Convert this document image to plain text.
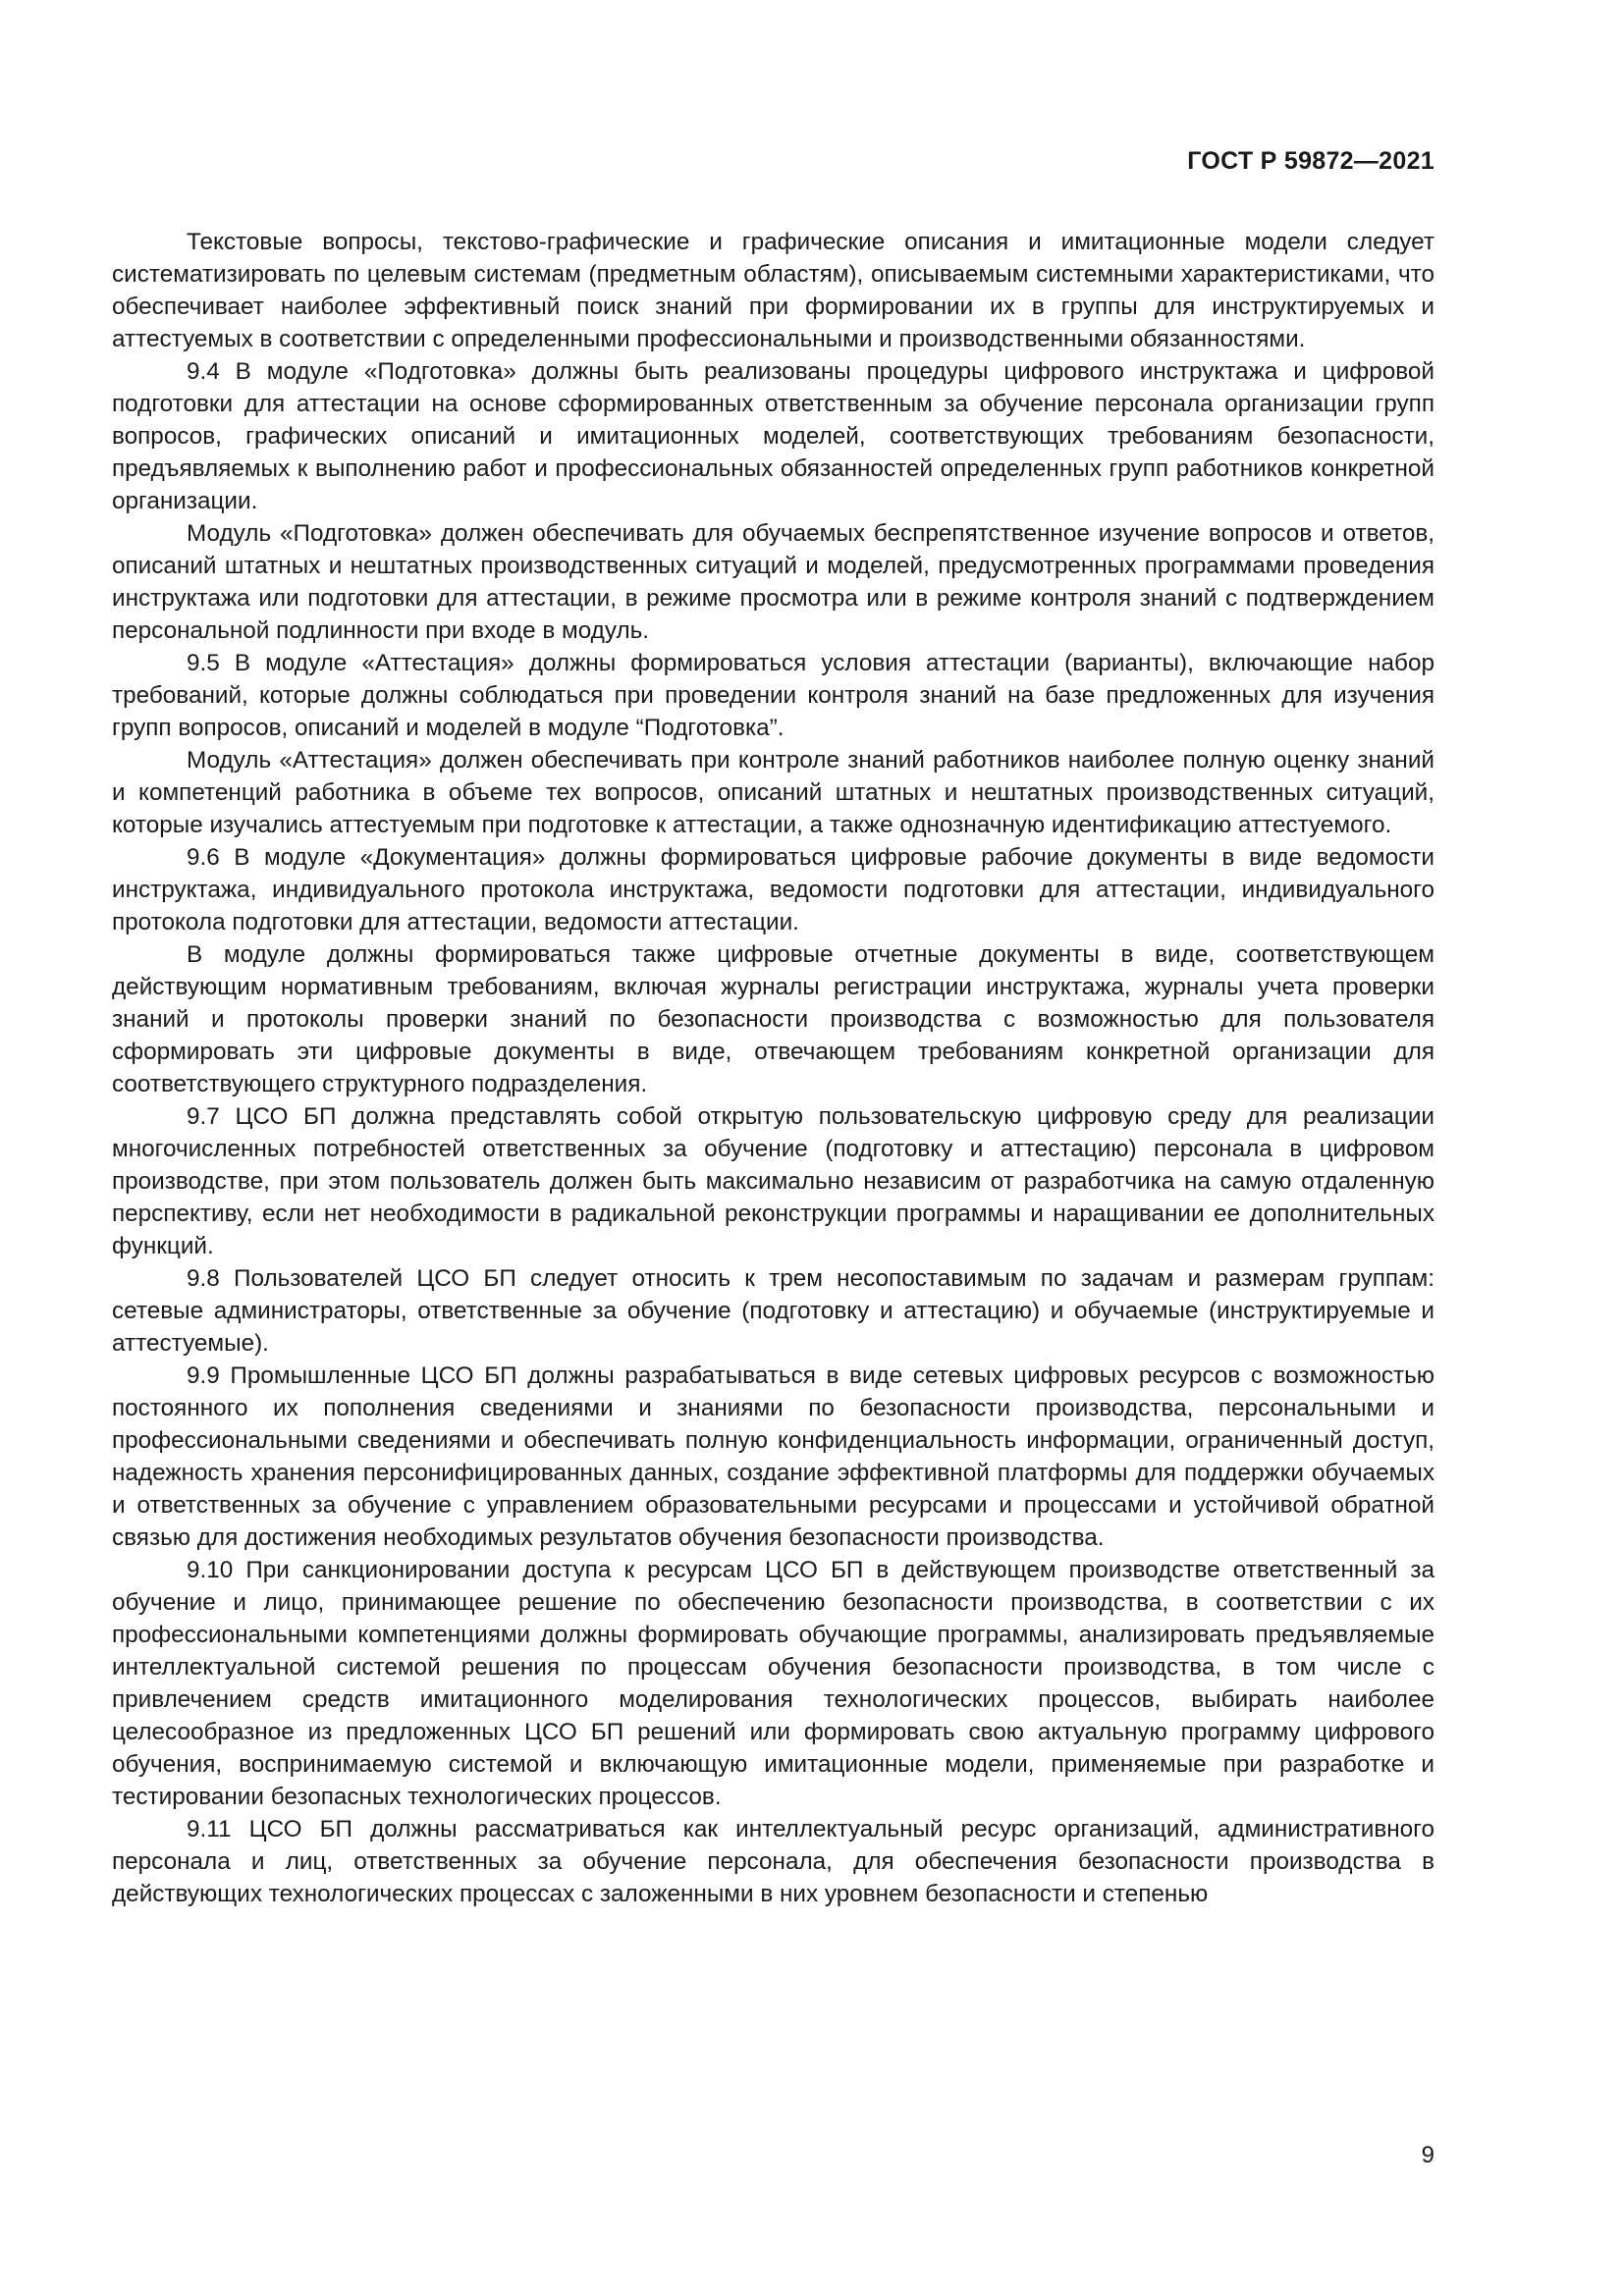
ГОСТ Р 59872—2021

Текстовые вопросы, текстово-графические и графические описания и имитационные модели следует систематизировать по целевым системам (предметным областям), описываемым системными характеристиками, что обеспечивает наиболее эффективный поиск знаний при формировании их в группы для инструктируемых и аттестуемых в соответствии с определенными профессиональными и производственными обязанностями.

9.4 В модуле «Подготовка» должны быть реализованы процедуры цифрового инструктажа и цифровой подготовки для аттестации на основе сформированных ответственным за обучение персонала организации групп вопросов, графических описаний и имитационных моделей, соответствующих требованиям безопасности, предъявляемых к выполнению работ и профессиональных обязанностей определенных групп работников конкретной организации.

Модуль «Подготовка» должен обеспечивать для обучаемых беспрепятственное изучение вопросов и ответов, описаний штатных и нештатных производственных ситуаций и моделей, предусмотренных программами проведения инструктажа или подготовки для аттестации, в режиме просмотра или в режиме контроля знаний с подтверждением персональной подлинности при входе в модуль.

9.5 В модуле «Аттестация» должны формироваться условия аттестации (варианты), включающие набор требований, которые должны соблюдаться при проведении контроля знаний на базе предложенных для изучения групп вопросов, описаний и моделей в модуле “Подготовка”.

Модуль «Аттестация» должен обеспечивать при контроле знаний работников наиболее полную оценку знаний и компетенций работника в объеме тех вопросов, описаний штатных и нештатных производственных ситуаций, которые изучались аттестуемым при подготовке к аттестации, а также однозначную идентификацию аттестуемого.

9.6 В модуле «Документация» должны формироваться цифровые рабочие документы в виде ведомости инструктажа, индивидуального протокола инструктажа, ведомости подготовки для аттестации, индивидуального протокола подготовки для аттестации, ведомости аттестации.

В модуле должны формироваться также цифровые отчетные документы в виде, соответствующем действующим нормативным требованиям, включая журналы регистрации инструктажа, журналы учета проверки знаний и протоколы проверки знаний по безопасности производства с возможностью для пользователя сформировать эти цифровые документы в виде, отвечающем требованиям конкретной организации для соответствующего структурного подразделения.

9.7 ЦСО БП должна представлять собой открытую пользовательскую цифровую среду для реализации многочисленных потребностей ответственных за обучение (подготовку и аттестацию) персонала в цифровом производстве, при этом пользователь должен быть максимально независим от разработчика на самую отдаленную перспективу, если нет необходимости в радикальной реконструкции программы и наращивании ее дополнительных функций.

9.8 Пользователей ЦСО БП следует относить к трем несопоставимым по задачам и размерам группам: сетевые администраторы, ответственные за обучение (подготовку и аттестацию) и обучаемые (инструктируемые и аттестуемые).

9.9 Промышленные ЦСО БП должны разрабатываться в виде сетевых цифровых ресурсов с возможностью постоянного их пополнения сведениями и знаниями по безопасности производства, персональными и профессиональными сведениями и обеспечивать полную конфиденциальность информации, ограниченный доступ, надежность хранения персонифицированных данных, создание эффективной платформы для поддержки обучаемых и ответственных за обучение с управлением образовательными ресурсами и процессами и устойчивой обратной связью для достижения необходимых результатов обучения безопасности производства.

9.10 При санкционировании доступа к ресурсам ЦСО БП в действующем производстве ответственный за обучение и лицо, принимающее решение по обеспечению безопасности производства, в соответствии с их профессиональными компетенциями должны формировать обучающие программы, анализировать предъявляемые интеллектуальной системой решения по процессам обучения безопасности производства, в том числе с привлечением средств имитационного моделирования технологических процессов, выбирать наиболее целесообразное из предложенных ЦСО БП решений или формировать свою актуальную программу цифрового обучения, воспринимаемую системой и включающую имитационные модели, применяемые при разработке и тестировании безопасных технологических процессов.

9.11 ЦСО БП должны рассматриваться как интеллектуальный ресурс организаций, административного персонала и лиц, ответственных за обучение персонала, для обеспечения безопасности производства в действующих технологических процессах с заложенными в них уровнем безопасности и степенью

9
